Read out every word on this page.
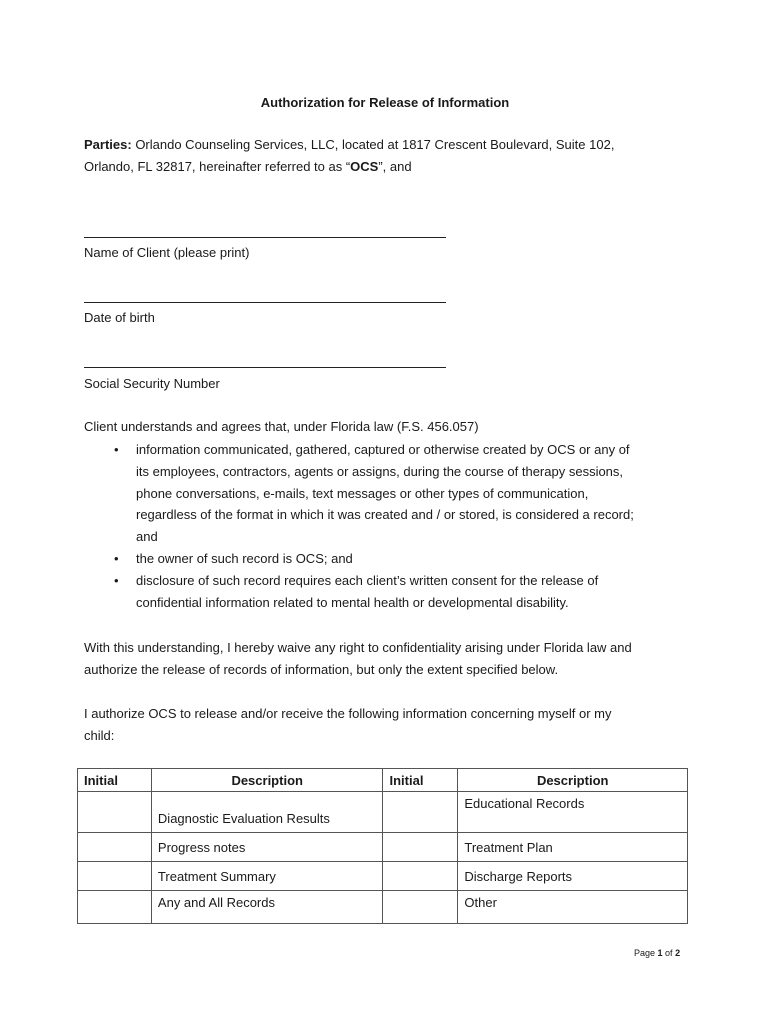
Authorization for Release of Information
Parties: Orlando Counseling Services, LLC, located at 1817 Crescent Boulevard, Suite 102,
Orlando, FL 32817, hereinafter referred to as “OCS”, and
Name of Client (please print)
Date of birth
Social Security Number
Client understands and agrees that, under Florida law (F.S. 456.057)
• information communicated, gathered, captured or otherwise created by OCS or any of
its employees, contractors, agents or assigns, during the course of therapy sessions,
phone conversations, e-mails, text messages or other types of communication,
regardless of the format in which it was created and / or stored, is considered a record;
and
• the owner of such record is OCS; and
• disclosure of such record requires each client’s written consent for the release of
confidential information related to mental health or developmental disability.
With this understanding, I hereby waive any right to confidentiality arising under Florida law and
authorize the release of records of information, but only the extent specified below.
I authorize OCS to release and/or receive the following information concerning myself or my
child:
Initial	Description	Initial	Description
	Diagnostic Evaluation Results		Educational Records
	Progress notes		Treatment Plan
	Treatment Summary		Discharge Reports
	Any and All Records		Other
Page 1 of 2
